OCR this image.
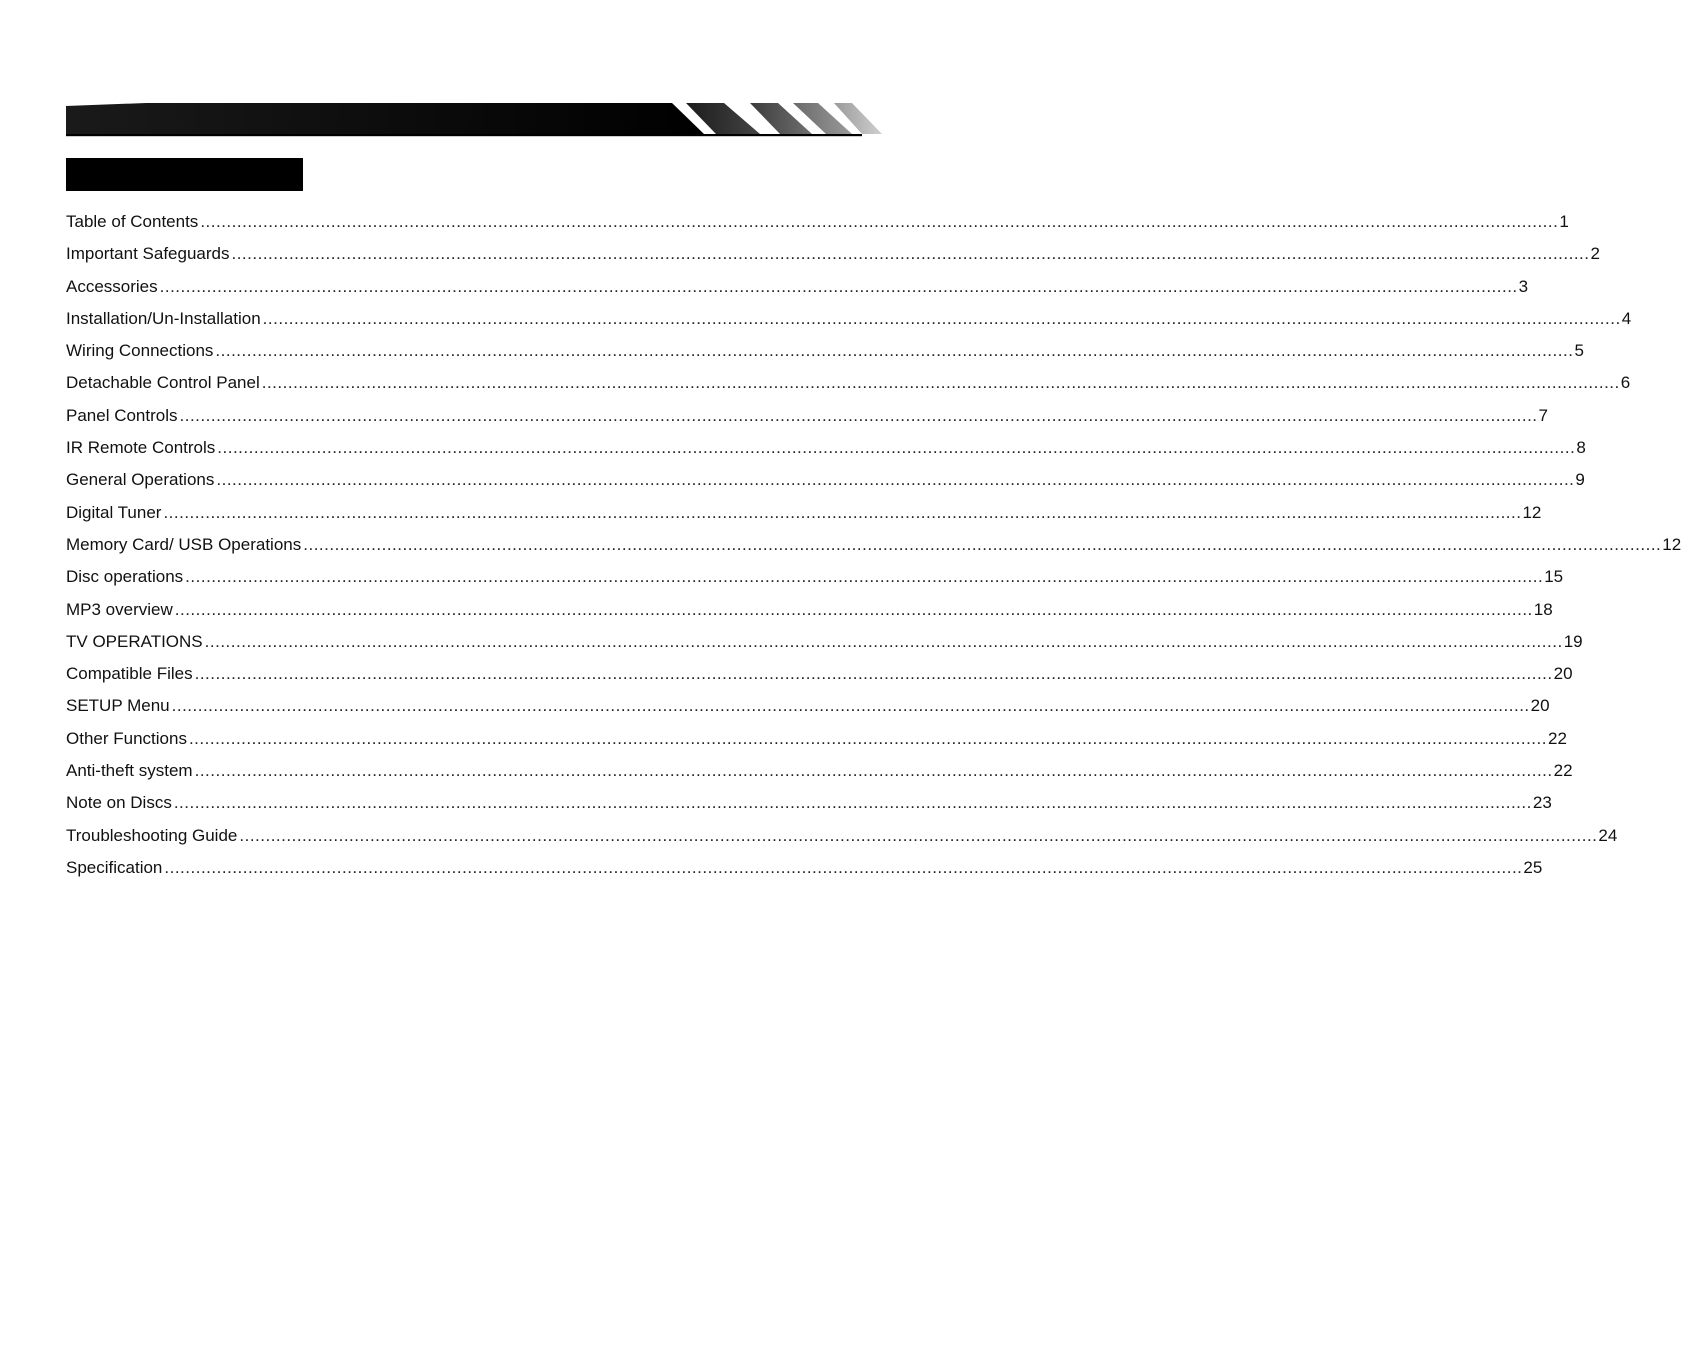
Table of Contents .................................................................................................................................................................................................................................................................... 1
Important Safeguards .................................................................................................................................................................................................................................................................... 2
Accessories .................................................................................................................................................................................................................................................................... 3
Installation/Un-Installation .................................................................................................................................................................................................................................................................... 4
Wiring Connections .................................................................................................................................................................................................................................................................... 5
Detachable Control Panel .................................................................................................................................................................................................................................................................... 6
Panel Controls .................................................................................................................................................................................................................................................................... 7
IR Remote Controls .................................................................................................................................................................................................................................................................... 8
General Operations .................................................................................................................................................................................................................................................................... 9
Digital Tuner .................................................................................................................................................................................................................................................................... 12
Memory Card/ USB Operations .................................................................................................................................................................................................................................................................... 12
Disc operations .................................................................................................................................................................................................................................................................... 15
MP3 overview .................................................................................................................................................................................................................................................................... 18
TV OPERATIONS .................................................................................................................................................................................................................................................................... 19
Compatible Files .................................................................................................................................................................................................................................................................... 20
SETUP Menu .................................................................................................................................................................................................................................................................... 20
Other Functions .................................................................................................................................................................................................................................................................... 22
Anti-theft system .................................................................................................................................................................................................................................................................... 22
Note on Discs .................................................................................................................................................................................................................................................................... 23
Troubleshooting Guide .................................................................................................................................................................................................................................................................... 24
Specification .................................................................................................................................................................................................................................................................... 25
